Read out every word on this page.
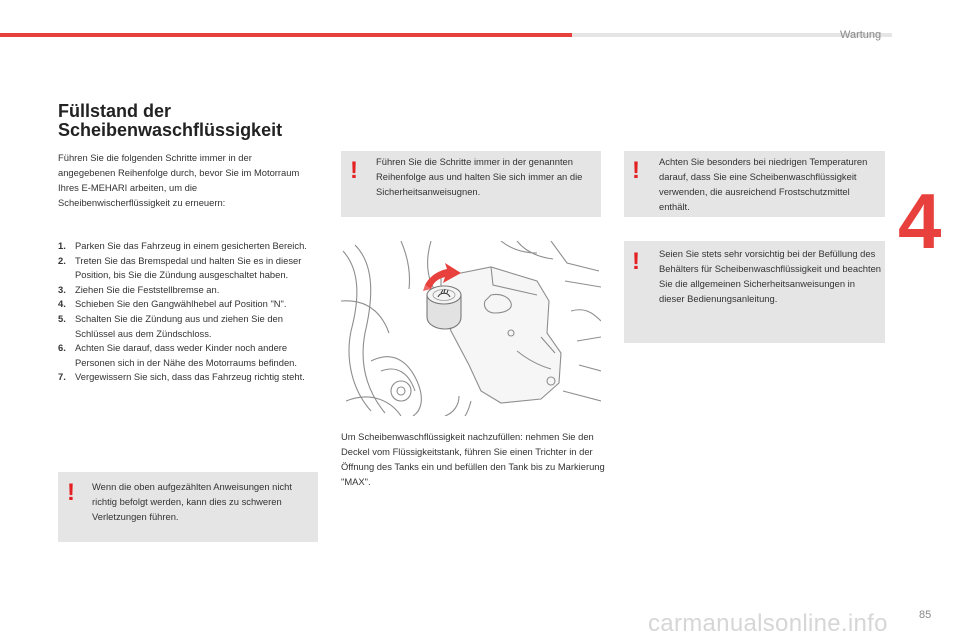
Wartung
4
Füllstand der
Scheibenwaschflüssigkeit

Führen Sie die folgenden Schritte immer in der angegebenen Reihenfolge durch, bevor Sie im Motorraum Ihres E-MEHARI arbeiten, um die Scheibenwischerflüssigkeit zu erneuern:

1. Parken Sie das Fahrzeug in einem gesicherten Bereich.
2. Treten Sie das Bremspedal und halten Sie es in dieser Position, bis Sie die Zündung ausgeschaltet haben.
3. Ziehen Sie die Feststellbremse an.
4. Schieben Sie den Gangwählhebel auf Position "N".
5. Schalten Sie die Zündung aus und ziehen Sie den Schlüssel aus dem Zündschloss.
6. Achten Sie darauf, dass weder Kinder noch andere Personen sich in der Nähe des Motorraums befinden.
7. Vergewissern Sie sich, dass das Fahrzeug richtig steht.
! Wenn die oben aufgezählten Anweisungen nicht richtig befolgt werden, kann dies zu schweren Verletzungen führen.

! Führen Sie die Schritte immer in der genannten Reihenfolge aus und halten Sie sich immer an die Sicherheitsanweisugnen.

! Achten Sie besonders bei niedrigen Temperaturen darauf, dass Sie eine Scheibenwaschflüssigkeit verwenden, die ausreichend Frostschutzmittel enthält.

! Seien Sie stets sehr vorsichtig bei der Befüllung des Behälters für Scheibenwaschflüssigkeit und beachten Sie die allgemeinen Sicherheitsanweisungen in dieser Bedienungsanleitung.

Um Scheibenwaschflüssigkeit nachzufüllen: nehmen Sie den Deckel vom Flüssigkeitstank, führen Sie einen Trichter in der Öffnung des Tanks ein und befüllen den Tank bis zu Markierung "MAX".

carmanualsonline.info	85
